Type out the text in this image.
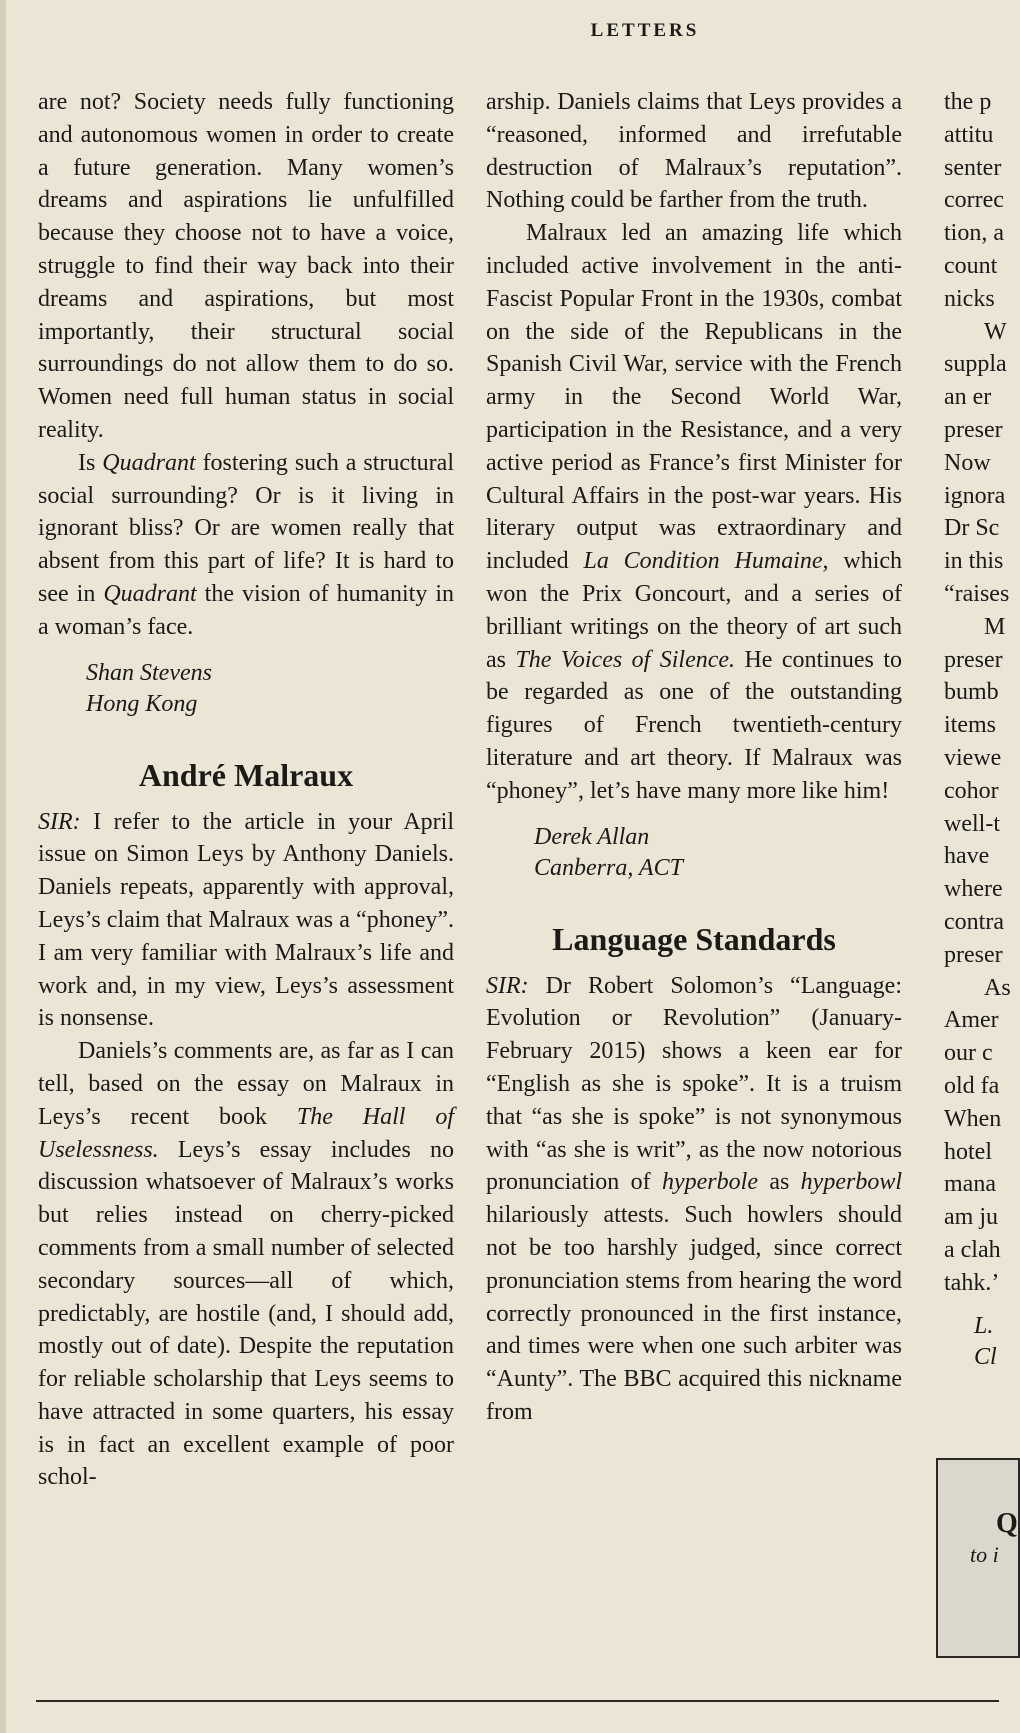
LETTERS

are not? Society needs fully functioning and autonomous women in order to create a future generation. Many women’s dreams and aspirations lie unfulfilled because they choose not to have a voice, struggle to find their way back into their dreams and aspirations, but most importantly, their structural social surroundings do not allow them to do so. Women need full human status in social reality.

Is Quadrant fostering such a structural social surrounding? Or is it living in ignorant bliss? Or are women really that absent from this part of life? It is hard to see in Quadrant the vision of humanity in a woman’s face.

Shan Stevens
Hong Kong
André Malraux

SIR: I refer to the article in your April issue on Simon Leys by Anthony Daniels. Daniels repeats, apparently with approval, Leys’s claim that Malraux was a “phoney”. I am very familiar with Malraux’s life and work and, in my view, Leys’s assessment is nonsense.

Daniels’s comments are, as far as I can tell, based on the essay on Malraux in Leys’s recent book The Hall of Uselessness. Leys’s essay includes no discussion whatsoever of Malraux’s works but relies instead on cherry-picked comments from a small number of selected secondary sources—all of which, predictably, are hostile (and, I should add, mostly out of date). Despite the reputation for reliable scholarship that Leys seems to have attracted in some quarters, his essay is in fact an excellent example of poor schol-

arship. Daniels claims that Leys provides a “reasoned, informed and irrefutable destruction of Malraux’s reputation”. Nothing could be farther from the truth.

Malraux led an amazing life which included active involvement in the anti-Fascist Popular Front in the 1930s, combat on the side of the Republicans in the Spanish Civil War, service with the French army in the Second World War, participation in the Resistance, and a very active period as France’s first Minister for Cultural Affairs in the post-war years. His literary output was extraordinary and included La Condition Humaine, which won the Prix Goncourt, and a series of brilliant writings on the theory of art such as The Voices of Silence. He continues to be regarded as one of the outstanding figures of French twentieth-century literature and art theory. If Malraux was “phoney”, let’s have many more like him!

Derek Allan
Canberra, ACT
Language Standards

SIR: Dr Robert Solomon’s “Language: Evolution or Revolution” (January-February 2015) shows a keen ear for “English as she is spoke”. It is a truism that “as she is spoke” is not synonymous with “as she is writ”, as the now notorious pronunciation of hyperbole as hyperbowl hilariously attests. Such howlers should not be too harshly judged, since correct pronunciation stems from hearing the word correctly pronounced in the first instance, and times were when one such arbiter was “Aunty”. The BBC acquired this nickname from

the p
attitu
senter
correc
tion, a
count
nicks
W
suppla
an er
preser
Now
ignora
Dr Sc
in this
“raises
M
preser
bumb
items
viewe
cohor
well-t
have
where
contra
preser
As
Amer
our c
old fa
When
hotel
mana
am ju
a clah
tahk.’
L.
Cl
Q
to i
